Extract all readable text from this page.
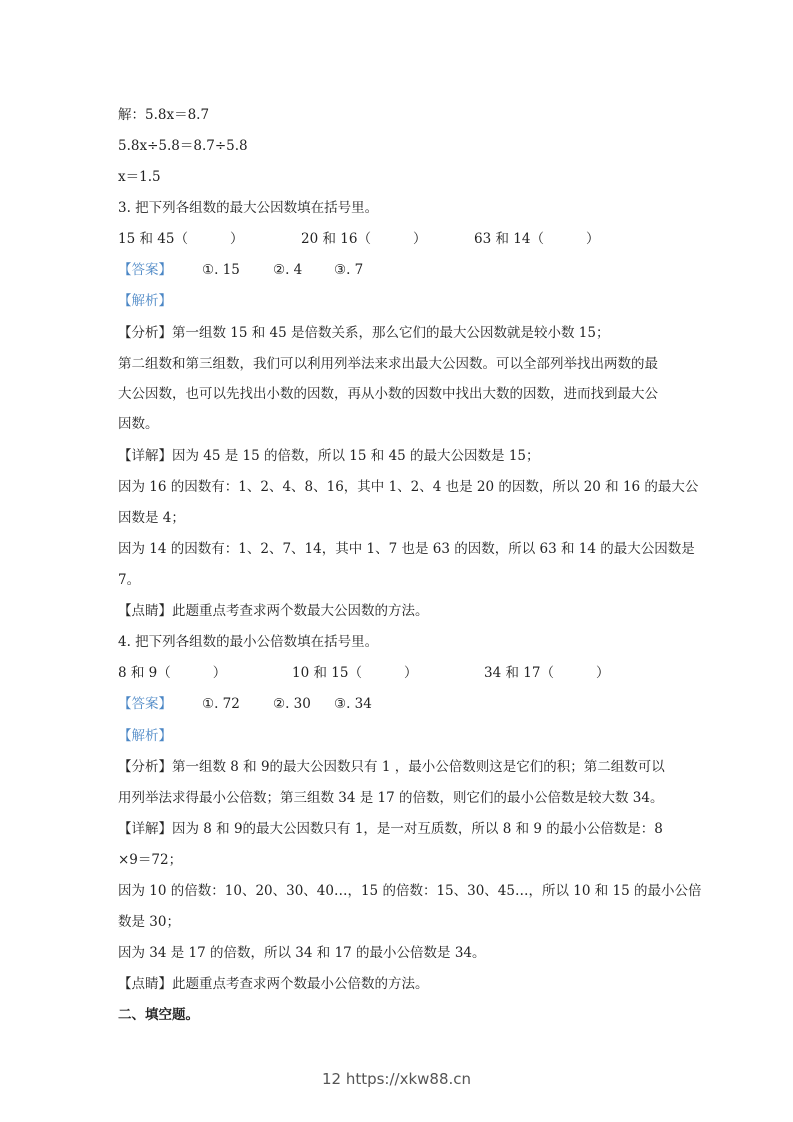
解：5.8x＝8.7
5.8x÷5.8＝8.7÷5.8
x＝1.5
3. 把下列各组数的最大公因数填在括号里。
15 和 45（	）	20 和 16（	）	63 和 14（	）
【答案】 ①. 15 ②. 4 ③. 7
【解析】
【分析】第一组数 15 和 45 是倍数关系，那么它们的最大公因数就是较小数 15；
第二组数和第三组数，我们可以利用列举法来求出最大公因数。可以全部列举找出两数的最
大公因数，也可以先找出小数的因数，再从小数的因数中找出大数的因数，进而找到最大公
因数。
【详解】因为 45 是 15 的倍数，所以 15 和 45 的最大公因数是 15；
因为 16 的因数有：1、2、4、8、16，其中 1、2、4 也是 20 的因数，所以 20 和 16 的最大公
因数是 4；
因为 14 的因数有：1、2、7、14，其中 1、7 也是 63 的因数，所以 63 和 14 的最大公因数是
7。
【点睛】此题重点考查求两个数最大公因数的方法。
4. 把下列各组数的最小公倍数填在括号里。
8 和 9（	）	10 和 15（	）	34 和 17（	）
【答案】 ①. 72 ②. 30 ③. 34
【解析】
【分析】第一组数 8 和 9的最大公因数只有 1 ，最小公倍数则这是它们的积；第二组数可以
用列举法求得最小公倍数；第三组数 34 是 17 的倍数，则它们的最小公倍数是较大数 34。
【详解】因为 8 和 9的最大公因数只有 1，是一对互质数，所以 8 和 9 的最小公倍数是：8
×9＝72；
因为 10 的倍数：10、20、30、40…，15 的倍数：15、30、45…，所以 10 和 15 的最小公倍
数是 30；
因为 34 是 17 的倍数，所以 34 和 17 的最小公倍数是 34。
【点睛】此题重点考查求两个数最小公倍数的方法。
二、填空题。
12 https://xkw88.cn
